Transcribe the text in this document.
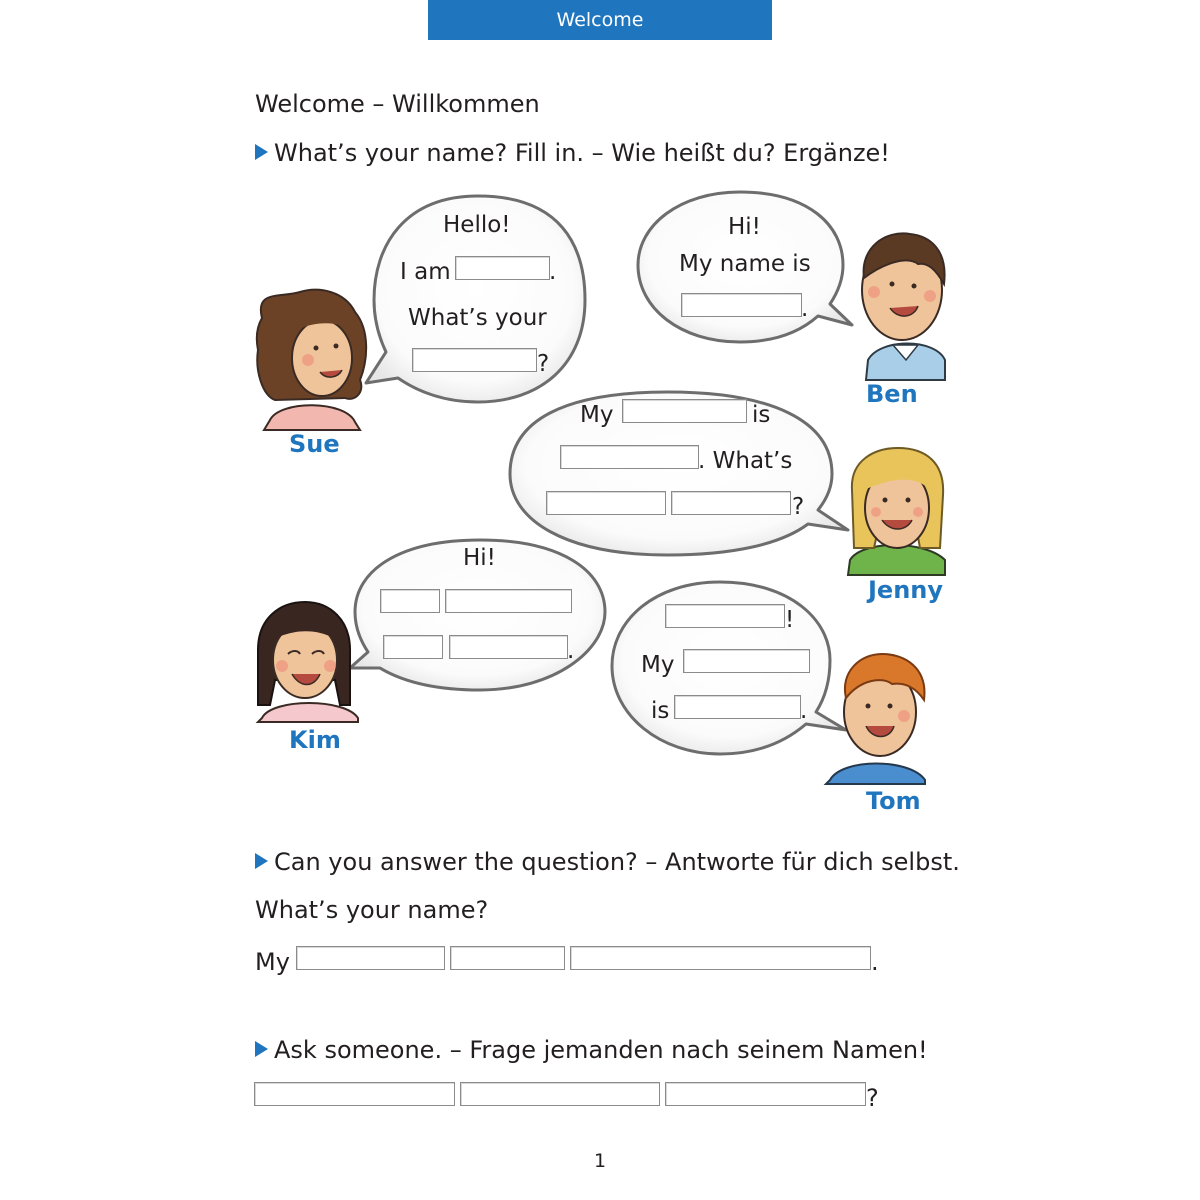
Welcome
Welcome – Willkommen
What’s your name? Fill in. – Wie heißt du? Ergänze!
Hello!
I am	.
What’s your
?
Hi!
My name is
.
My	is
. What’s
?
Hi!
.
!
My
is	.
Sue
Ben
Jenny
Kim
Tom
Can you answer the question? – Antworte für dich selbst.
What’s your name?
My	.
Ask someone. – Frage jemanden nach seinem Namen!
?
1
